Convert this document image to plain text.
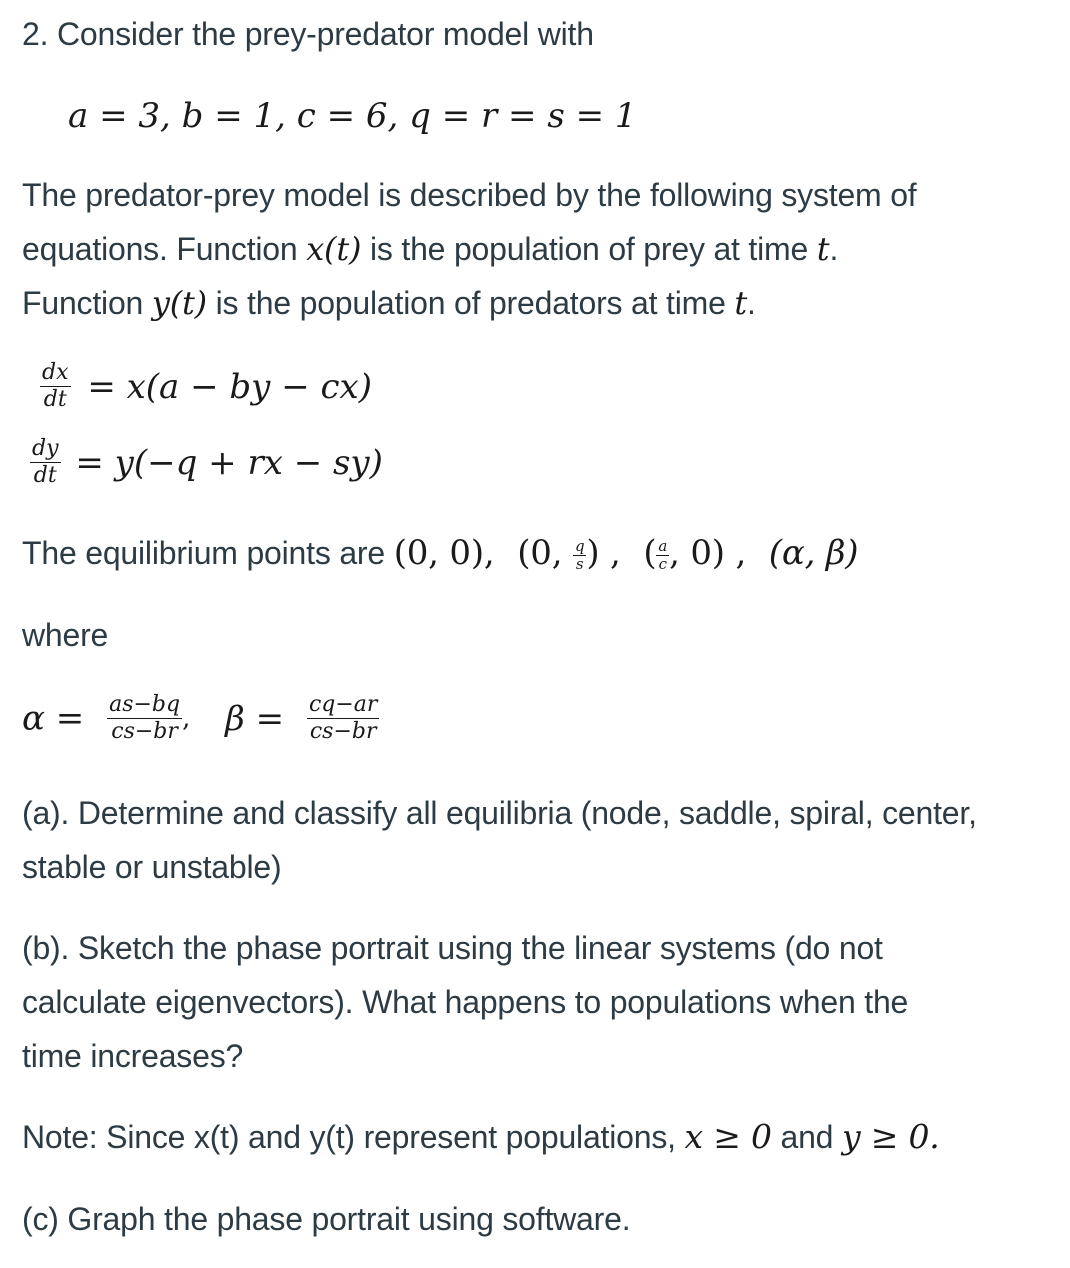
2. Consider the prey-predator model with
a = 3, b = 1, c = 6, q = r = s = 1
The predator-prey model is described by the following system of
equations. Function x(t) is the population of prey at time t.
Function y(t) is the population of predators at time t.
$\frac{dx}{dt} = x(a$ − by − cx)
$\frac{dy}{dt} = y(-q$ + rx − sy)
The equilibrium points are (0, 0), (0, $\frac{q}{s}$ ) , ( $\frac{a}{c}$ , 0) , (α, β)
where
$\alpha = \frac{as-bq}{cs-br}$ , $\beta = \frac{cq-ar}{cs-br}$
(a). Determine and classify all equilibria (node, saddle, spiral, center,
stable or unstable)
(b). Sketch the phase portrait using the linear systems (do not
calculate eigenvectors). What happens to populations when the
time increases?
Note: Since x(t) and y(t) represent populations, x ≥ 0 and y ≥ 0.
(c) Graph the phase portrait using software.
